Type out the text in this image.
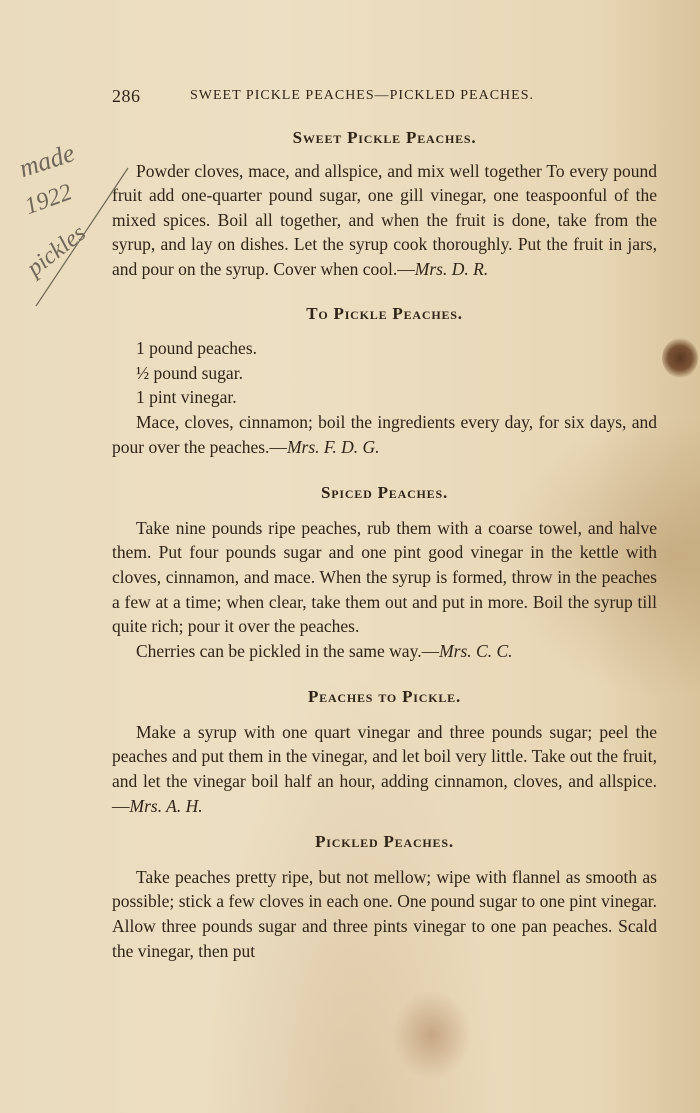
made
1922
pickles
286	SWEET PICKLE PEACHES—PICKLED PEACHES.
Sweet Pickle Peaches.

Powder cloves, mace, and allspice, and mix well together To every pound fruit add one-quarter pound sugar, one gill vinegar, one teaspoonful of the mixed spices. Boil all together, and when the fruit is done, take from the syrup, and lay on dishes. Let the syrup cook thoroughly. Put the fruit in jars, and pour on the syrup. Cover when cool.—Mrs. D. R.

To Pickle Peaches.
1 pound peaches.
½ pound sugar.
1 pint vinegar.

Mace, cloves, cinnamon; boil the ingredients every day, for six days, and pour over the peaches.—Mrs. F. D. G.

Spiced Peaches.

Take nine pounds ripe peaches, rub them with a coarse towel, and halve them. Put four pounds sugar and one pint good vinegar in the kettle with cloves, cinnamon, and mace. When the syrup is formed, throw in the peaches a few at a time; when clear, take them out and put in more. Boil the syrup till quite rich; pour it over the peaches.

Cherries can be pickled in the same way.—Mrs. C. C.

Peaches to Pickle.

Make a syrup with one quart vinegar and three pounds sugar; peel the peaches and put them in the vinegar, and let boil very little. Take out the fruit, and let the vinegar boil half an hour, adding cinnamon, cloves, and allspice.—Mrs. A. H.

Pickled Peaches.

Take peaches pretty ripe, but not mellow; wipe with flannel as smooth as possible; stick a few cloves in each one. One pound sugar to one pint vinegar. Allow three pounds sugar and three pints vinegar to one pan peaches. Scald the vinegar, then put
